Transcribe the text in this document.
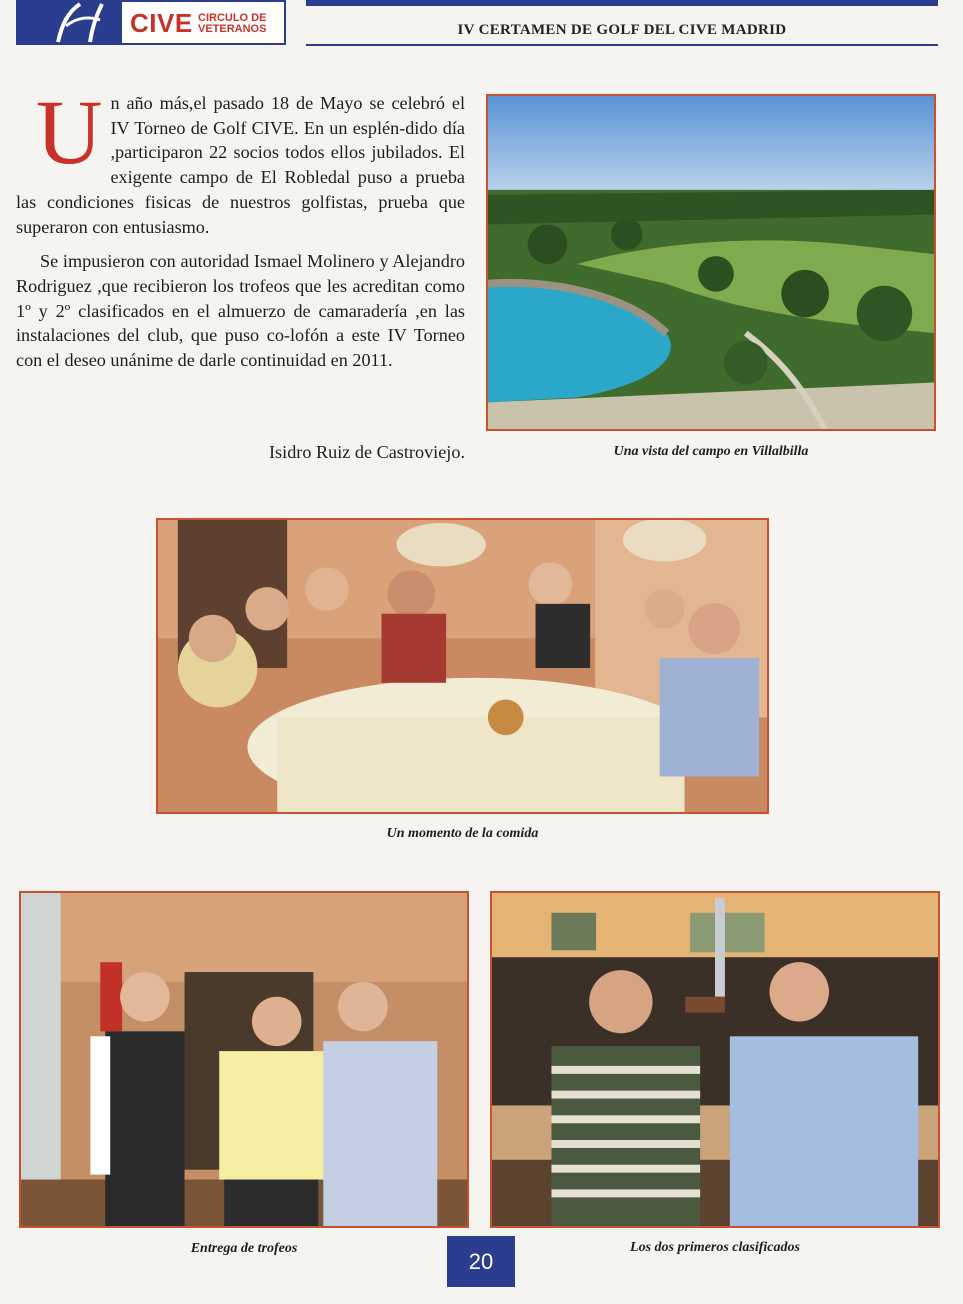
CIVE CIRCULO DE
VETERANOS	IV CERTAMEN DE GOLF DEL CIVE MADRID

Un año más,el pasado 18 de Mayo se celebró el IV Torneo de Golf CIVE. En un esplén-dido día ,participaron 22 socios todos ellos jubilados. El exigente campo de El Robledal puso a prueba las condiciones fisicas de nuestros golfistas, prueba que superaron con entusiasmo.

Se impusieron con autoridad Ismael Molinero y Alejandro Rodriguez ,que recibieron los trofeos que les acreditan como 1º y 2º clasificados en el almuerzo de camaradería ,en las instalaciones del club, que puso co-lofón a este IV Torneo con el deseo unánime de darle continuidad en 2011.

Isidro Ruiz de Castroviejo.	Una vista del campo en Villalbilla
Un momento de la comida
Entrega de trofeos	Los dos primeros clasificados
20
